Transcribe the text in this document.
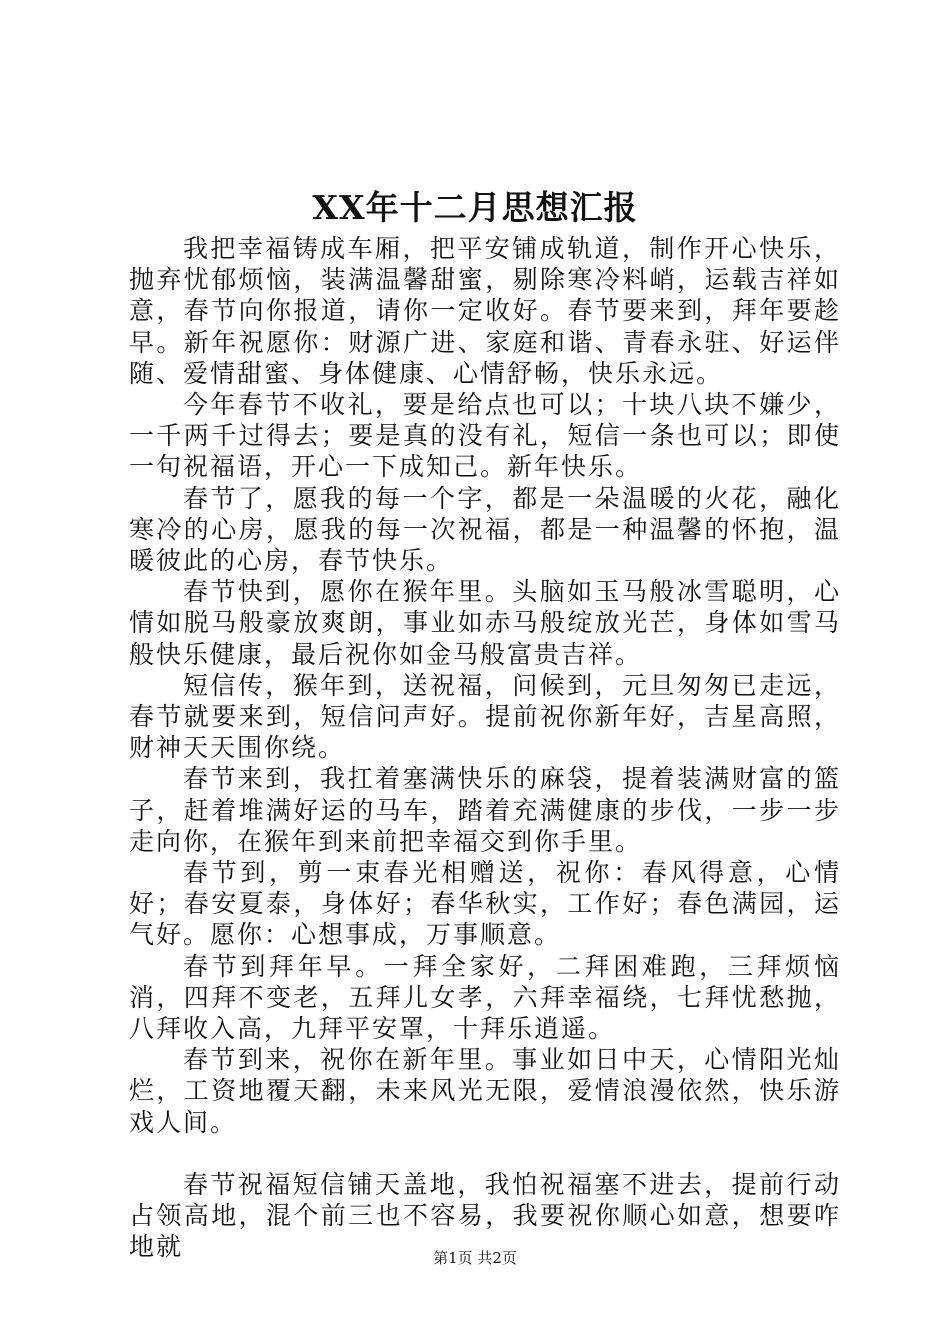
XX年十二月思想汇报

我把幸福铸成车厢，把平安铺成轨道，制作开心快乐，抛弃忧郁烦恼，装满温馨甜蜜，剔除寒冷料峭，运载吉祥如意，春节向你报道，请你一定收好。春节要来到，拜年要趁早。新年祝愿你：财源广进、家庭和谐、青春永驻、好运伴随、爱情甜蜜、身体健康、心情舒畅，快乐永远。

今年春节不收礼，要是给点也可以；十块八块不嫌少，一千两千过得去；要是真的没有礼，短信一条也可以；即使一句祝福语，开心一下成知己。新年快乐。

春节了，愿我的每一个字，都是一朵温暖的火花，融化寒冷的心房，愿我的每一次祝福，都是一种温馨的怀抱，温暖彼此的心房，春节快乐。

春节快到，愿你在猴年里。头脑如玉马般冰雪聪明，心情如脱马般豪放爽朗，事业如赤马般绽放光芒，身体如雪马般快乐健康，最后祝你如金马般富贵吉祥。

短信传，猴年到，送祝福，问候到，元旦匆匆已走远，春节就要来到，短信问声好。提前祝你新年好，吉星高照，财神天天围你绕。

春节来到，我扛着塞满快乐的麻袋，提着装满财富的篮子，赶着堆满好运的马车，踏着充满健康的步伐，一步一步走向你，在猴年到来前把幸福交到你手里。

春节到，剪一束春光相赠送，祝你：春风得意，心情好；春安夏泰，身体好；春华秋实，工作好；春色满园，运气好。愿你：心想事成，万事顺意。

春节到拜年早。一拜全家好，二拜困难跑，三拜烦恼消，四拜不变老，五拜儿女孝，六拜幸福绕，七拜忧愁抛，八拜收入高，九拜平安罩，十拜乐逍遥。

春节到来，祝你在新年里。事业如日中天，心情阳光灿烂，工资地覆天翻，未来风光无限，爱情浪漫依然，快乐游戏人间。

春节祝福短信铺天盖地，我怕祝福塞不进去，提前行动占领高地，混个前三也不容易，我要祝你顺心如意，想要咋地就	第1页 共2页
